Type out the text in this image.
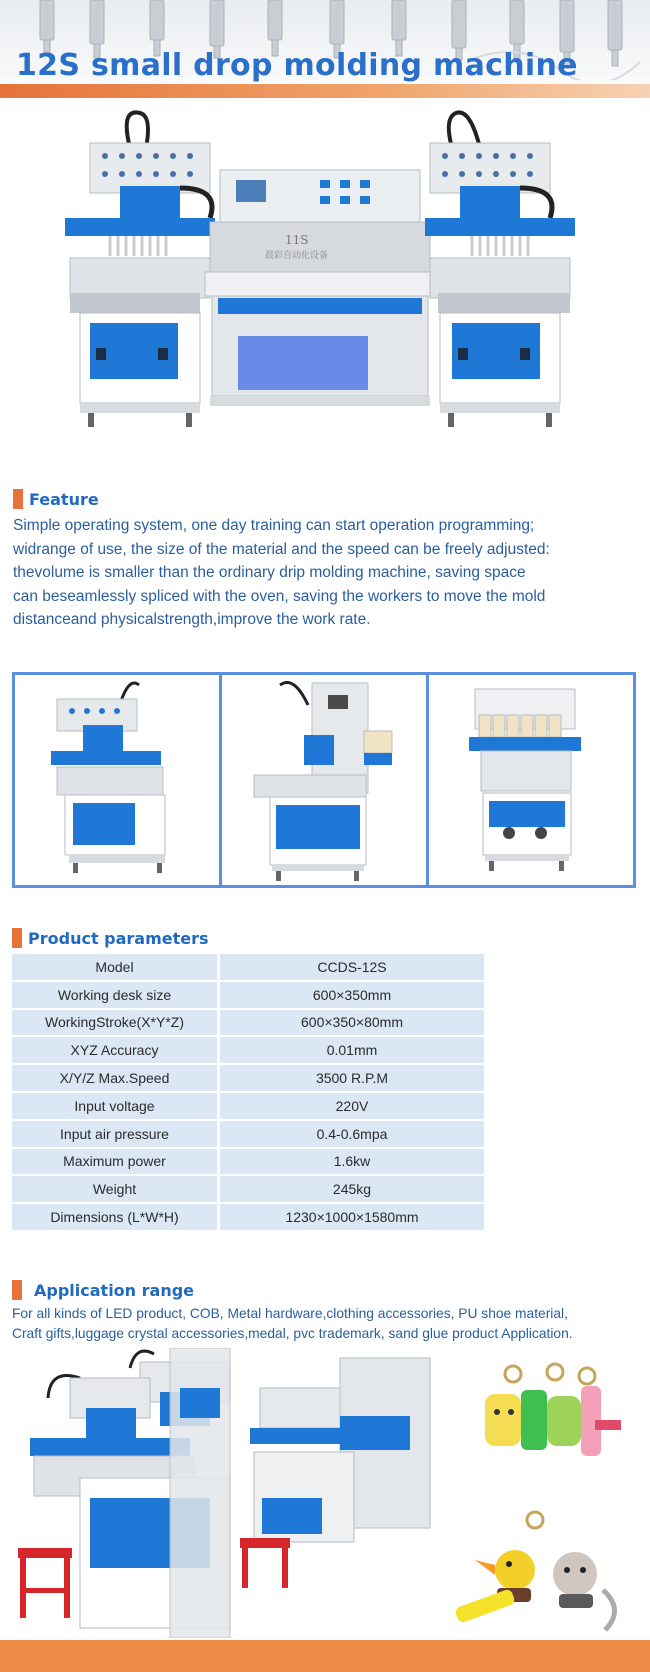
12S small drop molding machine
11S
晨彩自动化设备
Feature
Simple operating system, one day training can start operation programming;
widrange of use, the size of the material and the speed can be freely adjusted:
thevolume is smaller than the ordinary drip molding machine, saving space
can beseamlessly spliced with the oven, saving the workers to move the mold
distanceand physicalstrength,improve the work rate.
Product parameters
Model	CCDS-12S
Working desk size	600×350mm
WorkingStroke(X*Y*Z)	600×350×80mm
XYZ Accuracy	0.01mm
X/Y/Z Max.Speed	3500 R.P.M
Input voltage	220V
Input air pressure	0.4-0.6mpa
Maximum power	1.6kw
Weight	245kg
Dimensions (L*W*H)	1230×1000×1580mm
Application range
For all kinds of LED product, COB, Metal hardware,clothing accessories, PU shoe material,
Craft gifts,luggage crystal accessories,medal, pvc trademark, sand glue product Application.
